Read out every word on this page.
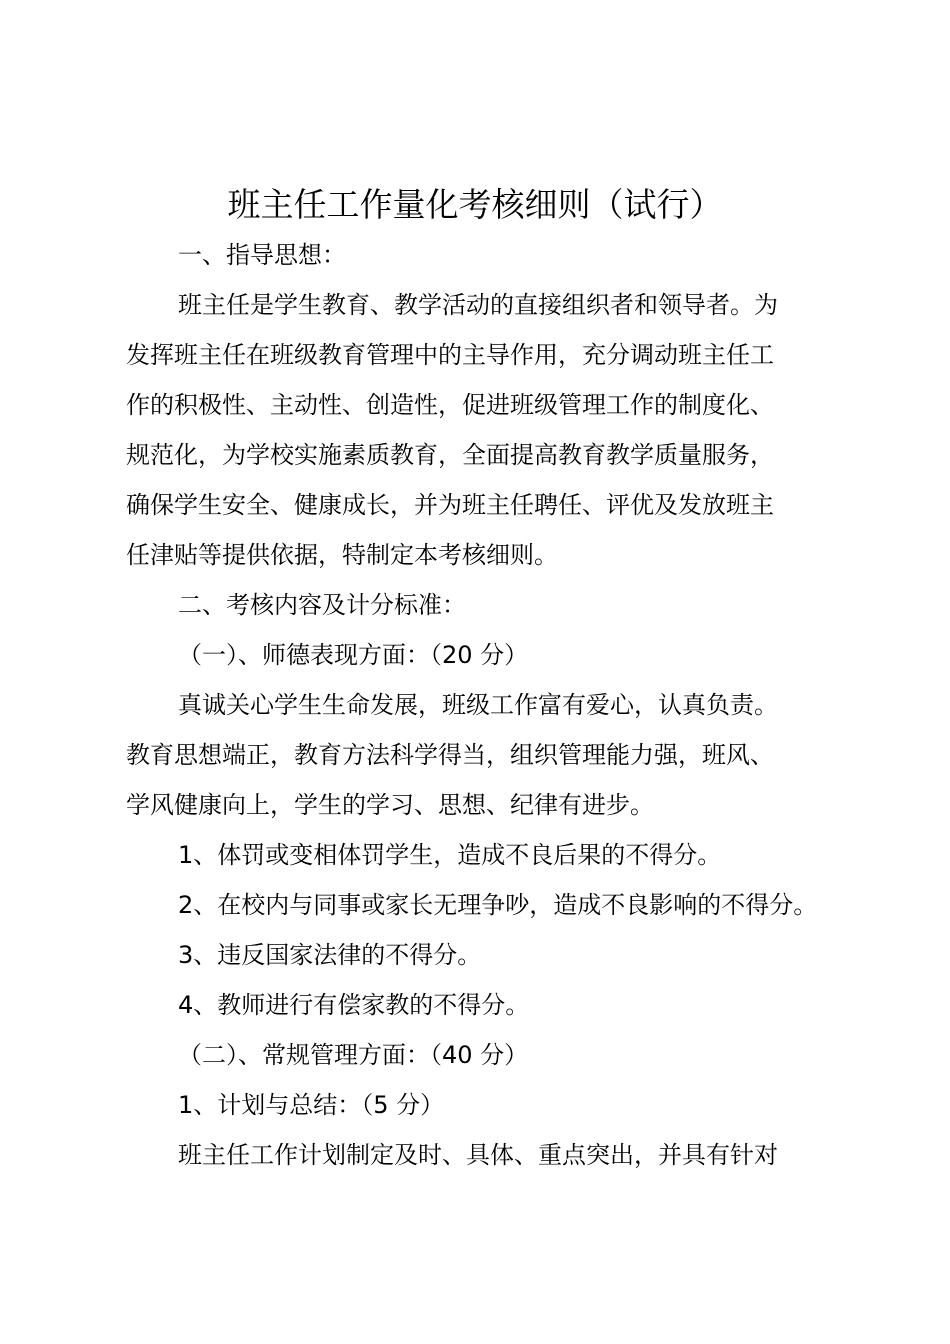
班主任工作量化考核细则（试行）
一、指导思想：
班主任是学生教育、教学活动的直接组织者和领导者。为
发挥班主任在班级教育管理中的主导作用，充分调动班主任工
作的积极性、主动性、创造性，促进班级管理工作的制度化、
规范化，为学校实施素质教育，全面提高教育教学质量服务，
确保学生安全、健康成长，并为班主任聘任、评优及发放班主
任津贴等提供依据，特制定本考核细则。
二、考核内容及计分标准：
（一）、师德表现方面：（20 分）
真诚关心学生生命发展，班级工作富有爱心，认真负责。
教育思想端正，教育方法科学得当，组织管理能力强，班风、
学风健康向上，学生的学习、思想、纪律有进步。
1、体罚或变相体罚学生，造成不良后果的不得分。
2、在校内与同事或家长无理争吵，造成不良影响的不得分。
3、违反国家法律的不得分。
4、教师进行有偿家教的不得分。
（二）、常规管理方面：（40 分）
1、计划与总结：（5 分）
班主任工作计划制定及时、具体、重点突出，并具有针对
